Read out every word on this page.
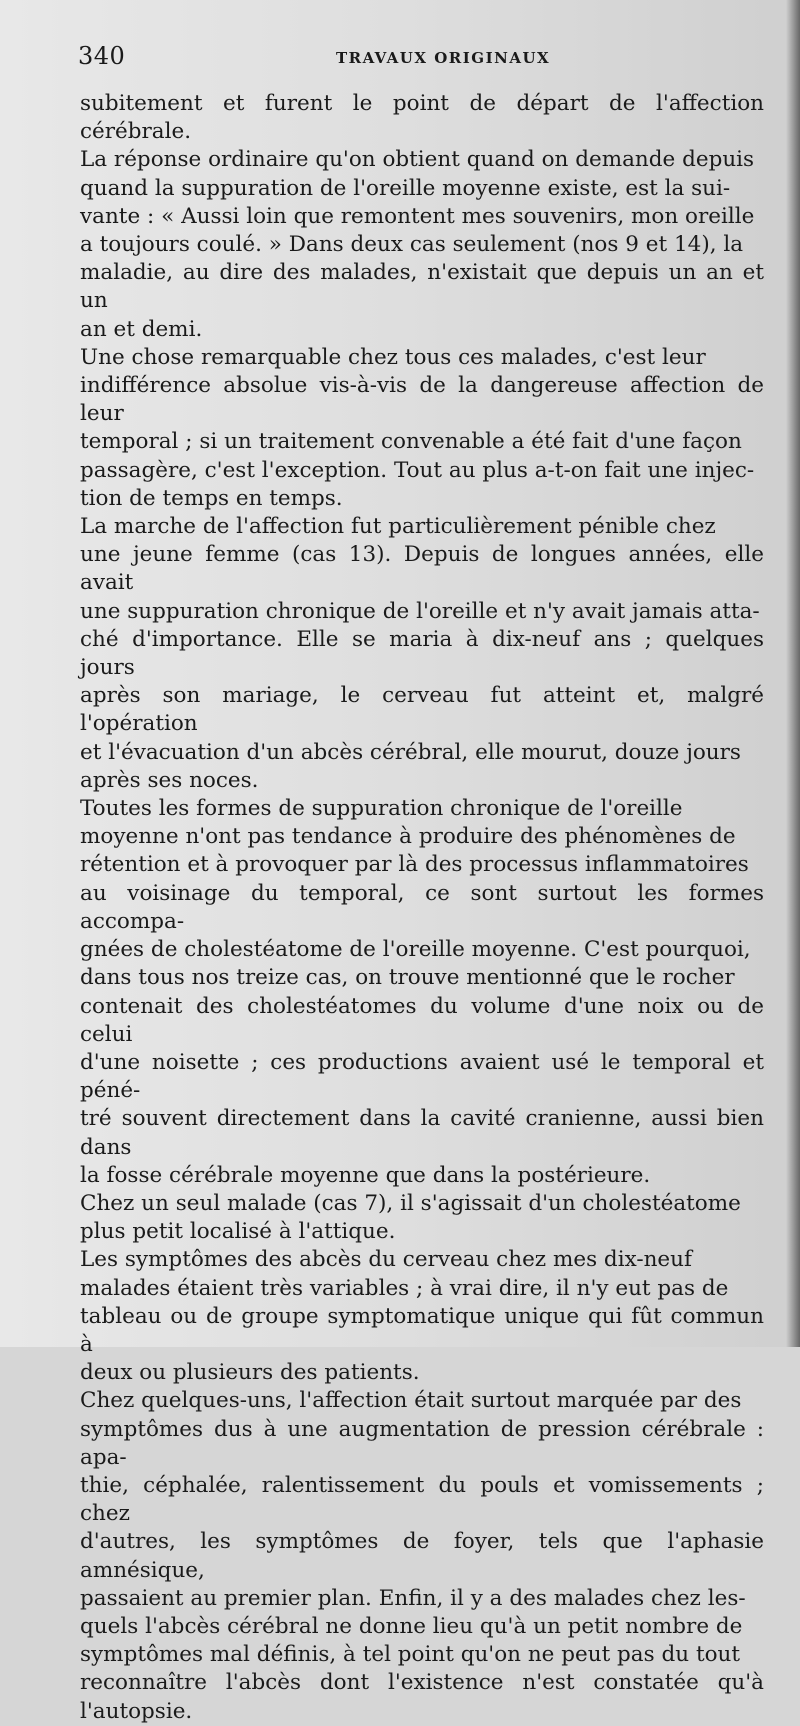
340	TRAVAUX ORIGINAUX

subitement et furent le point de départ de l'affection cérébrale.
La réponse ordinaire qu'on obtient quand on demande depuis
quand la suppuration de l'oreille moyenne existe, est la sui-
vante : « Aussi loin que remontent mes souvenirs, mon oreille
a toujours coulé. » Dans deux cas seulement (nos 9 et 14), la
maladie, au dire des malades, n'existait que depuis un an et un
an et demi.

Une chose remarquable chez tous ces malades, c'est leur
indifférence absolue vis-à-vis de la dangereuse affection de leur
temporal ; si un traitement convenable a été fait d'une façon
passagère, c'est l'exception. Tout au plus a-t-on fait une injec-
tion de temps en temps.

La marche de l'affection fut particulièrement pénible chez
une jeune femme (cas 13). Depuis de longues années, elle avait
une suppuration chronique de l'oreille et n'y avait jamais atta-
ché d'importance. Elle se maria à dix-neuf ans ; quelques jours
après son mariage, le cerveau fut atteint et, malgré l'opération
et l'évacuation d'un abcès cérébral, elle mourut, douze jours
après ses noces.

Toutes les formes de suppuration chronique de l'oreille
moyenne n'ont pas tendance à produire des phénomènes de
rétention et à provoquer par là des processus inflammatoires
au voisinage du temporal, ce sont surtout les formes accompa-
gnées de cholestéatome de l'oreille moyenne. C'est pourquoi,
dans tous nos treize cas, on trouve mentionné que le rocher
contenait des cholestéatomes du volume d'une noix ou de celui
d'une noisette ; ces productions avaient usé le temporal et péné-
tré souvent directement dans la cavité cranienne, aussi bien dans
la fosse cérébrale moyenne que dans la postérieure.

Chez un seul malade (cas 7), il s'agissait d'un cholestéatome
plus petit localisé à l'attique.

Les symptômes des abcès du cerveau chez mes dix-neuf
malades étaient très variables ; à vrai dire, il n'y eut pas de
tableau ou de groupe symptomatique unique qui fût commun à
deux ou plusieurs des patients.

Chez quelques-uns, l'affection était surtout marquée par des
symptômes dus à une augmentation de pression cérébrale : apa-
thie, céphalée, ralentissement du pouls et vomissements ; chez
d'autres, les symptômes de foyer, tels que l'aphasie amnésique,
passaient au premier plan. Enfin, il y a des malades chez les-
quels l'abcès cérébral ne donne lieu qu'à un petit nombre de
symptômes mal définis, à tel point qu'on ne peut pas du tout
reconnaître l'abcès dont l'existence n'est constatée qu'à l'autopsie.
